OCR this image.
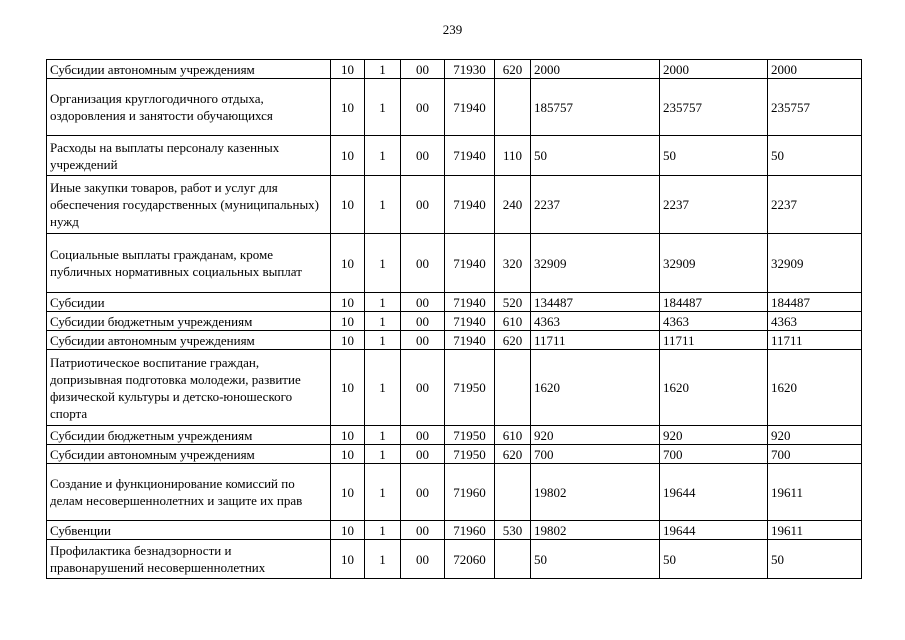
239
Субсидии автономным учреждениям	10	1	00	71930	620	2000	2000	2000
Организация круглогодичного отдыха, оздоровления и занятости обучающихся	10	1	00	71940		185757	235757	235757
Расходы на выплаты персоналу казенных учреждений	10	1	00	71940	110	50	50	50
Иные закупки товаров, работ и услуг для обеспечения государственных (муниципальных) нужд	10	1	00	71940	240	2237	2237	2237
Социальные выплаты гражданам, кроме публичных нормативных социальных выплат	10	1	00	71940	320	32909	32909	32909
Субсидии	10	1	00	71940	520	134487	184487	184487
Субсидии бюджетным учреждениям	10	1	00	71940	610	4363	4363	4363
Субсидии автономным учреждениям	10	1	00	71940	620	11711	11711	11711
Патриотическое воспитание граждан, допризывная подготовка молодежи, развитие физической культуры и детско-юношеского спорта	10	1	00	71950		1620	1620	1620
Субсидии бюджетным учреждениям	10	1	00	71950	610	920	920	920
Субсидии автономным учреждениям	10	1	00	71950	620	700	700	700
Создание и функционирование комиссий по делам несовершеннолетних и защите их прав	10	1	00	71960		19802	19644	19611
Субвенции	10	1	00	71960	530	19802	19644	19611
Профилактика безнадзорности и правонарушений несовершеннолетних	10	1	00	72060		50	50	50
